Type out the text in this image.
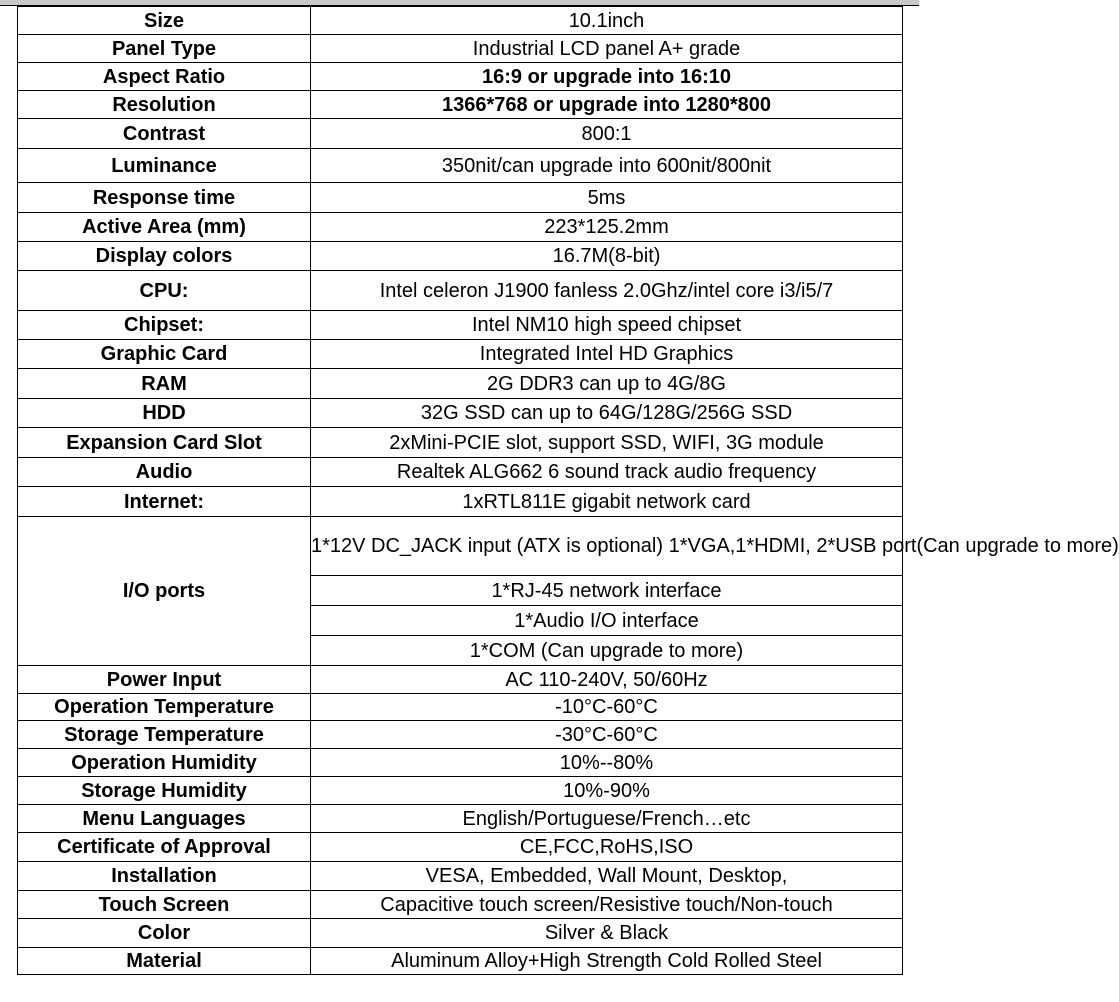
Size	10.1inch
Panel Type	Industrial LCD panel A+ grade
Aspect Ratio	16:9 or upgrade into 16:10
Resolution	1366*768 or upgrade into 1280*800
Contrast	800:1
Luminance	350nit/can upgrade into 600nit/800nit
Response time	5ms
Active Area (mm)	223*125.2mm
Display colors	16.7M(8-bit)
CPU:	Intel celeron J1900 fanless 2.0Ghz/intel core i3/i5/7
Chipset:	Intel NM10 high speed chipset
Graphic Card	Integrated Intel HD Graphics
RAM	2G DDR3 can up to 4G/8G
HDD	32G SSD can up to 64G/128G/256G SSD
Expansion Card Slot	2xMini-PCIE slot, support SSD, WIFI, 3G module
Audio	Realtek ALG662 6 sound track audio frequency
Internet:	1xRTL811E gigabit network card
I/O ports	1*12V DC_JACK input (ATX is optional) 1*VGA,1*HDMI, 2*USB port(Can upgrade to more)
	1*RJ-45 network interface
	1*Audio I/O interface
	1*COM (Can upgrade to more)
Power Input	AC 110-240V, 50/60Hz
Operation Temperature	-10°C-60°C
Storage Temperature	-30°C-60°C
Operation Humidity	10%--80%
Storage Humidity	10%-90%
Menu Languages	English/Portuguese/French…etc
Certificate of Approval	CE,FCC,RoHS,ISO
Installation	VESA, Embedded, Wall Mount, Desktop,
Touch Screen	Capacitive touch screen/Resistive touch/Non-touch
Color	Silver & Black
Material	Aluminum Alloy+High Strength Cold Rolled Steel
